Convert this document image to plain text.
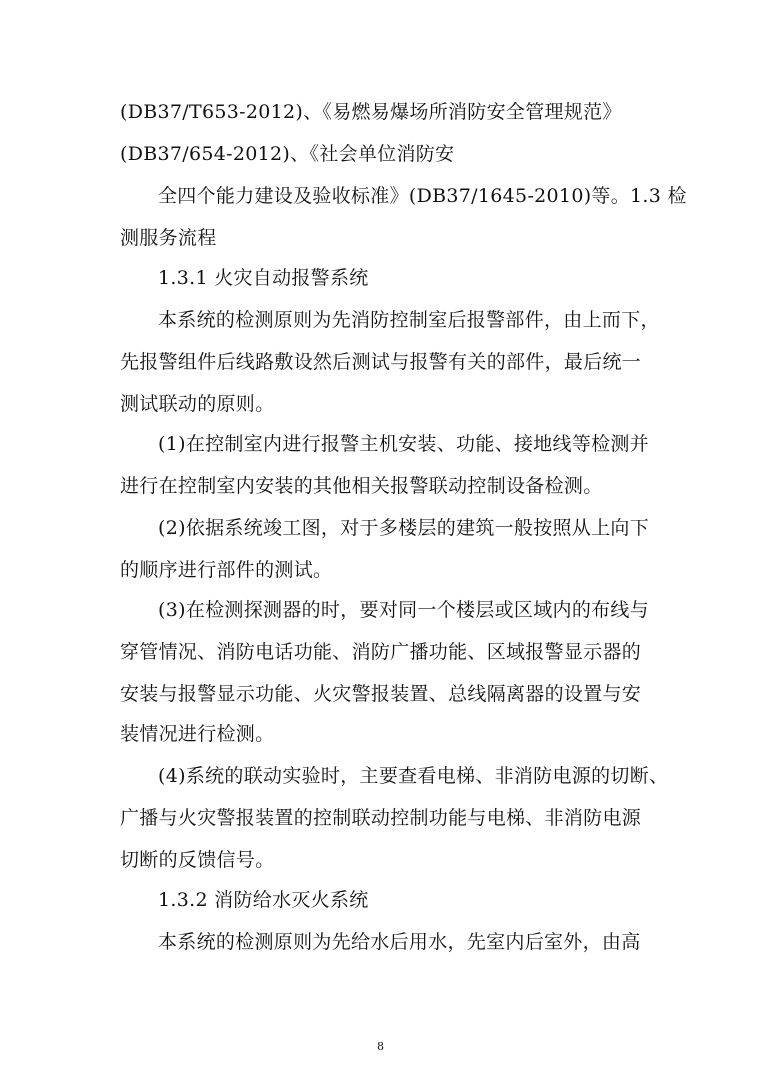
(DB37/T653-2012)、《易燃易爆场所消防安全管理规范》
(DB37/654-2012)、《社会单位消防安
全四个能力建设及验收标准》(DB37/1645-2010)等。1.3 检
测服务流程
1.3.1 火灾自动报警系统
本系统的检测原则为先消防控制室后报警部件，由上而下，
先报警组件后线路敷设然后测试与报警有关的部件，最后统一
测试联动的原则。
(1)在控制室内进行报警主机安装、功能、接地线等检测并
进行在控制室内安装的其他相关报警联动控制设备检测。
(2)依据系统竣工图，对于多楼层的建筑一般按照从上向下
的顺序进行部件的测试。
(3)在检测探测器的时，要对同一个楼层或区域内的布线与
穿管情况、消防电话功能、消防广播功能、区域报警显示器的
安装与报警显示功能、火灾警报装置、总线隔离器的设置与安
装情况进行检测。
(4)系统的联动实验时，主要查看电梯、非消防电源的切断、
广播与火灾警报装置的控制联动控制功能与电梯、非消防电源
切断的反馈信号。
1.3.2 消防给水灭火系统
本系统的检测原则为先给水后用水，先室内后室外，由高
8
